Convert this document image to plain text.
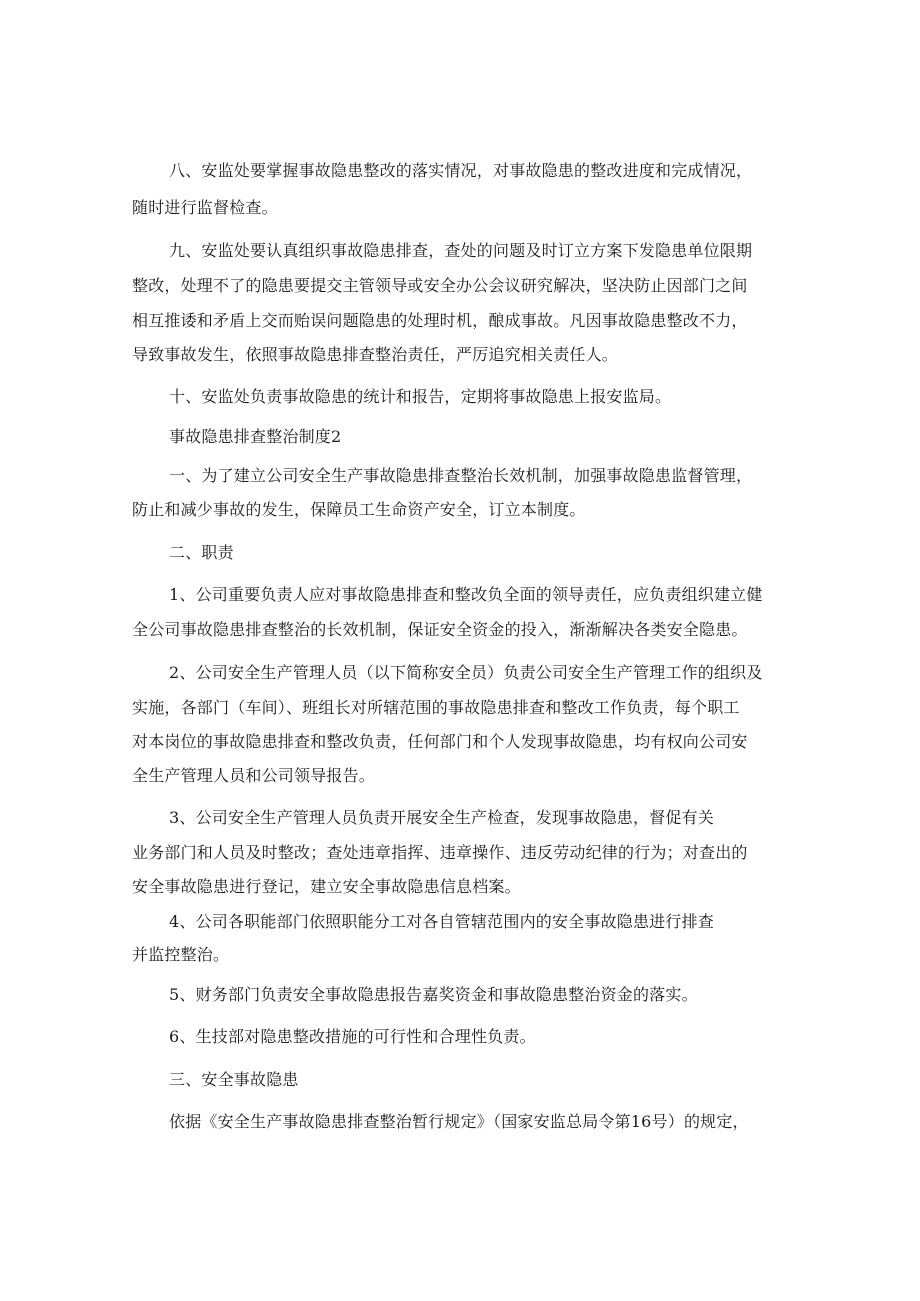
八、安监处要掌握事故隐患整改的落实情况，对事故隐患的整改进度和完成情况，
随时进行监督检查。
九、安监处要认真组织事故隐患排查，查处的问题及时订立方案下发隐患单位限期
整改，处理不了的隐患要提交主管领导或安全办公会议研究解决，坚决防止因部门之间
相互推诿和矛盾上交而贻误问题隐患的处理时机，酿成事故。凡因事故隐患整改不力，
导致事故发生，依照事故隐患排查整治责任，严厉追究相关责任人。
十、安监处负责事故隐患的统计和报告，定期将事故隐患上报安监局。
事故隐患排查整治制度2
一、为了建立公司安全生产事故隐患排查整治长效机制，加强事故隐患监督管理，
防止和减少事故的发生，保障员工生命资产安全，订立本制度。
二、职责
1、公司重要负责人应对事故隐患排查和整改负全面的领导责任，应负责组织建立健
全公司事故隐患排查整治的长效机制，保证安全资金的投入，渐渐解决各类安全隐患。
2、公司安全生产管理人员（以下简称安全员）负责公司安全生产管理工作的组织及
实施，各部门（车间）、班组长对所辖范围的事故隐患排查和整改工作负责，每个职工
对本岗位的事故隐患排查和整改负责，任何部门和个人发现事故隐患，均有权向公司安
全生产管理人员和公司领导报告。
3、公司安全生产管理人员负责开展安全生产检查，发现事故隐患，督促有关
业务部门和人员及时整改；查处违章指挥、违章操作、违反劳动纪律的行为；对查出的
安全事故隐患进行登记，建立安全事故隐患信息档案。
4、公司各职能部门依照职能分工对各自管辖范围内的安全事故隐患进行排查
并监控整治。
5、财务部门负责安全事故隐患报告嘉奖资金和事故隐患整治资金的落实。
6、生技部对隐患整改措施的可行性和合理性负责。
三、安全事故隐患
依据《安全生产事故隐患排查整治暂行规定》（国家安监总局令第16号）的规定，
